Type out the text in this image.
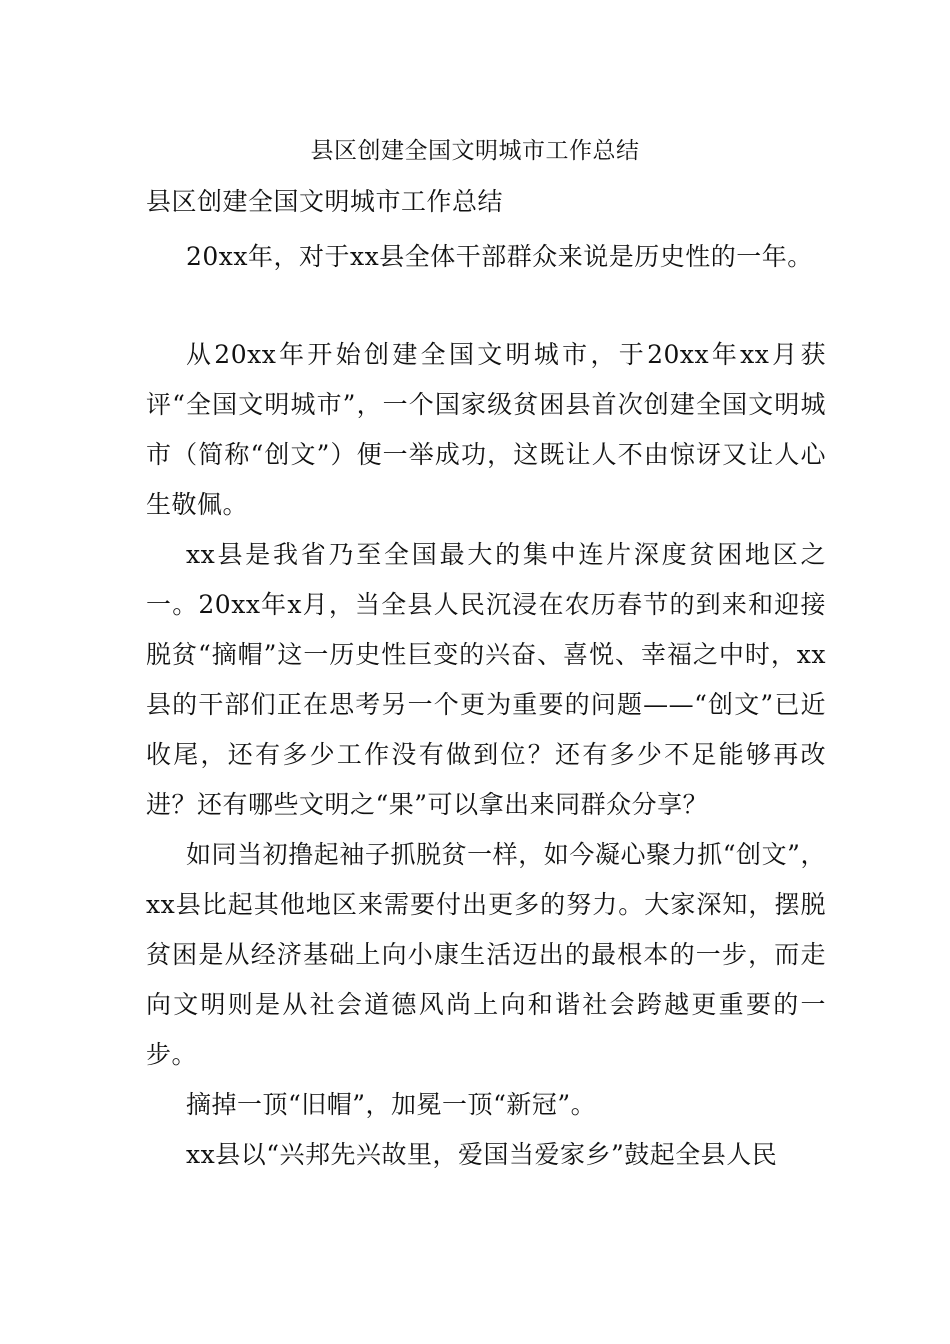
县区创建全国文明城市工作总结
县区创建全国文明城市工作总结

20xx年，对于xx县全体干部群众来说是历史性的一年。

从20xx年开始创建全国文明城市，于20xx年xx月获评“全国文明城市”，一个国家级贫困县首次创建全国文明城市（简称“创文”）便一举成功，这既让人不由惊讶又让人心生敬佩。

xx县是我省乃至全国最大的集中连片深度贫困地区之一。20xx年x月，当全县人民沉浸在农历春节的到来和迎接脱贫“摘帽”这一历史性巨变的兴奋、喜悦、幸福之中时，xx县的干部们正在思考另一个更为重要的问题——“创文”已近收尾，还有多少工作没有做到位？还有多少不足能够再改进？还有哪些文明之“果”可以拿出来同群众分享？

如同当初撸起袖子抓脱贫一样，如今凝心聚力抓“创文”，xx县比起其他地区来需要付出更多的努力。大家深知，摆脱贫困是从经济基础上向小康生活迈出的最根本的一步，而走向文明则是从社会道德风尚上向和谐社会跨越更重要的一步。

摘掉一顶“旧帽”，加冕一顶“新冠”。

xx县以“兴邦先兴故里，爱国当爱家乡”鼓起全县人民
